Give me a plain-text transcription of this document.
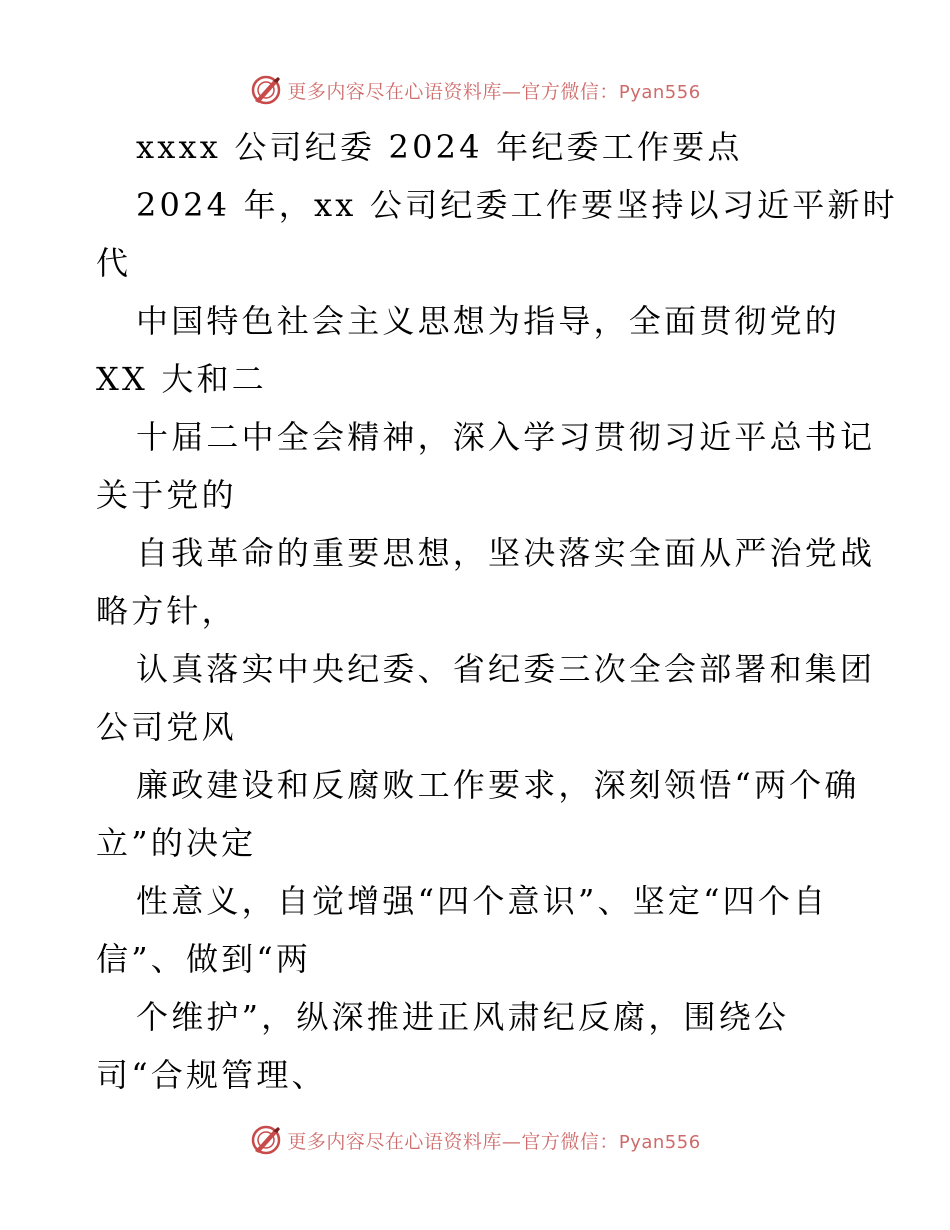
更多内容尽在心语资料库—官方微信：Pyan556
xxxx 公司纪委 2024 年纪委工作要点
2024 年，xx 公司纪委工作要坚持以习近平新时
代
中国特色社会主义思想为指导，全面贯彻党的
XX 大和二
十届二中全会精神，深入学习贯彻习近平总书记
关于党的
自我革命的重要思想，坚决落实全面从严治党战
略方针，
认真落实中央纪委、省纪委三次全会部署和集团
公司党风
廉政建设和反腐败工作要求，深刻领悟“两个确
立”的决定
性意义，自觉增强“四个意识”、坚定“四个自
信”、做到“两
个维护”，纵深推进正风肃纪反腐，围绕公
司“合规管理、
更多内容尽在心语资料库—官方微信：Pyan556
